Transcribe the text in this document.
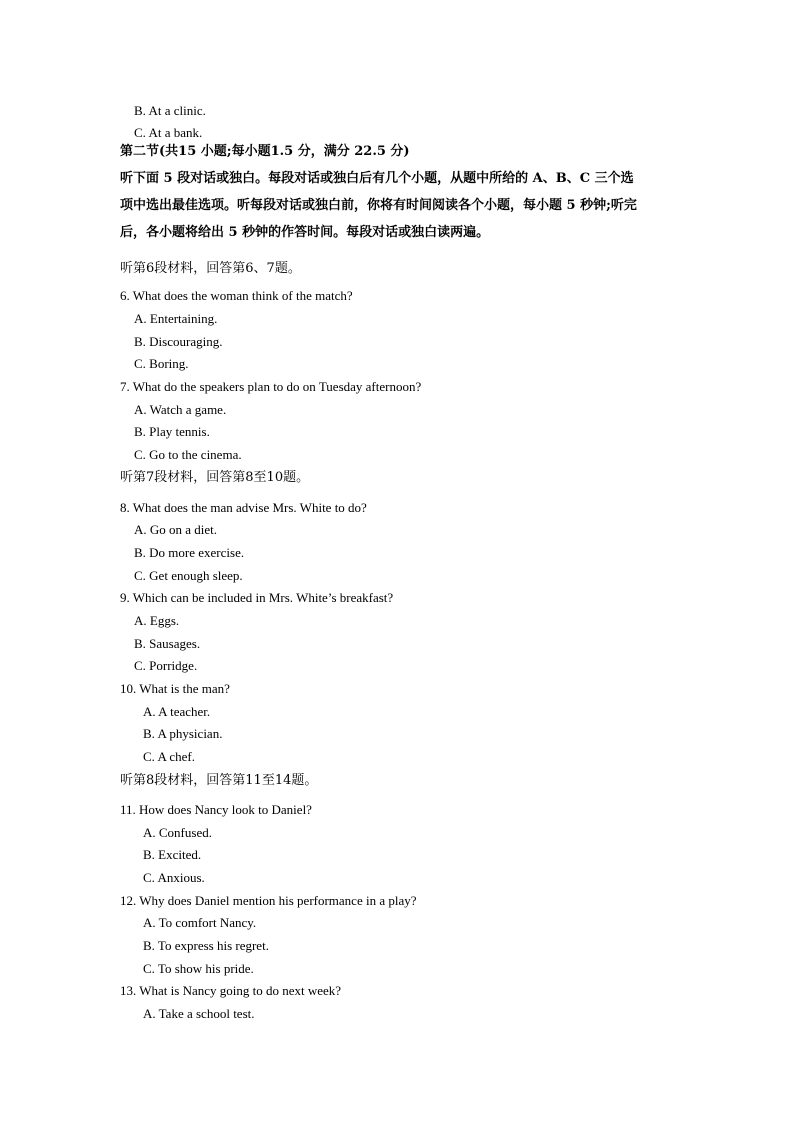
B. At a clinic.
C. At a bank.
第二节(共15 小题;每小题1.5 分，满分 22.5 分)
听下面 5 段对话或独白。每段对话或独白后有几个小题，从题中所给的 A、B、C 三个选
项中选出最佳选项。听每段对话或独白前，你将有时间阅读各个小题，每小题 5 秒钟;听完
后，各小题将给出 5 秒钟的作答时间。每段对话或独白读两遍。
听第6段材料，回答第6、7题。
6. What does the woman think of the match?
A. Entertaining.
B. Discouraging.
C. Boring.
7. What do the speakers plan to do on Tuesday afternoon?
A. Watch a game.
B. Play tennis.
C. Go to the cinema.
听第7段材料，回答第8至10题。
8. What does the man advise Mrs. White to do?
A. Go on a diet.
B. Do more exercise.
C. Get enough sleep.
9. Which can be included in Mrs. White’s breakfast?
A. Eggs.
B. Sausages.
C. Porridge.
10. What is the man?
A. A teacher.
B. A physician.
C. A chef.
听第8段材料，回答第11至14题。
11. How does Nancy look to Daniel?
A. Confused.
B. Excited.
C. Anxious.
12. Why does Daniel mention his performance in a play?
A. To comfort Nancy.
B. To express his regret.
C. To show his pride.
13. What is Nancy going to do next week?
A. Take a school test.
